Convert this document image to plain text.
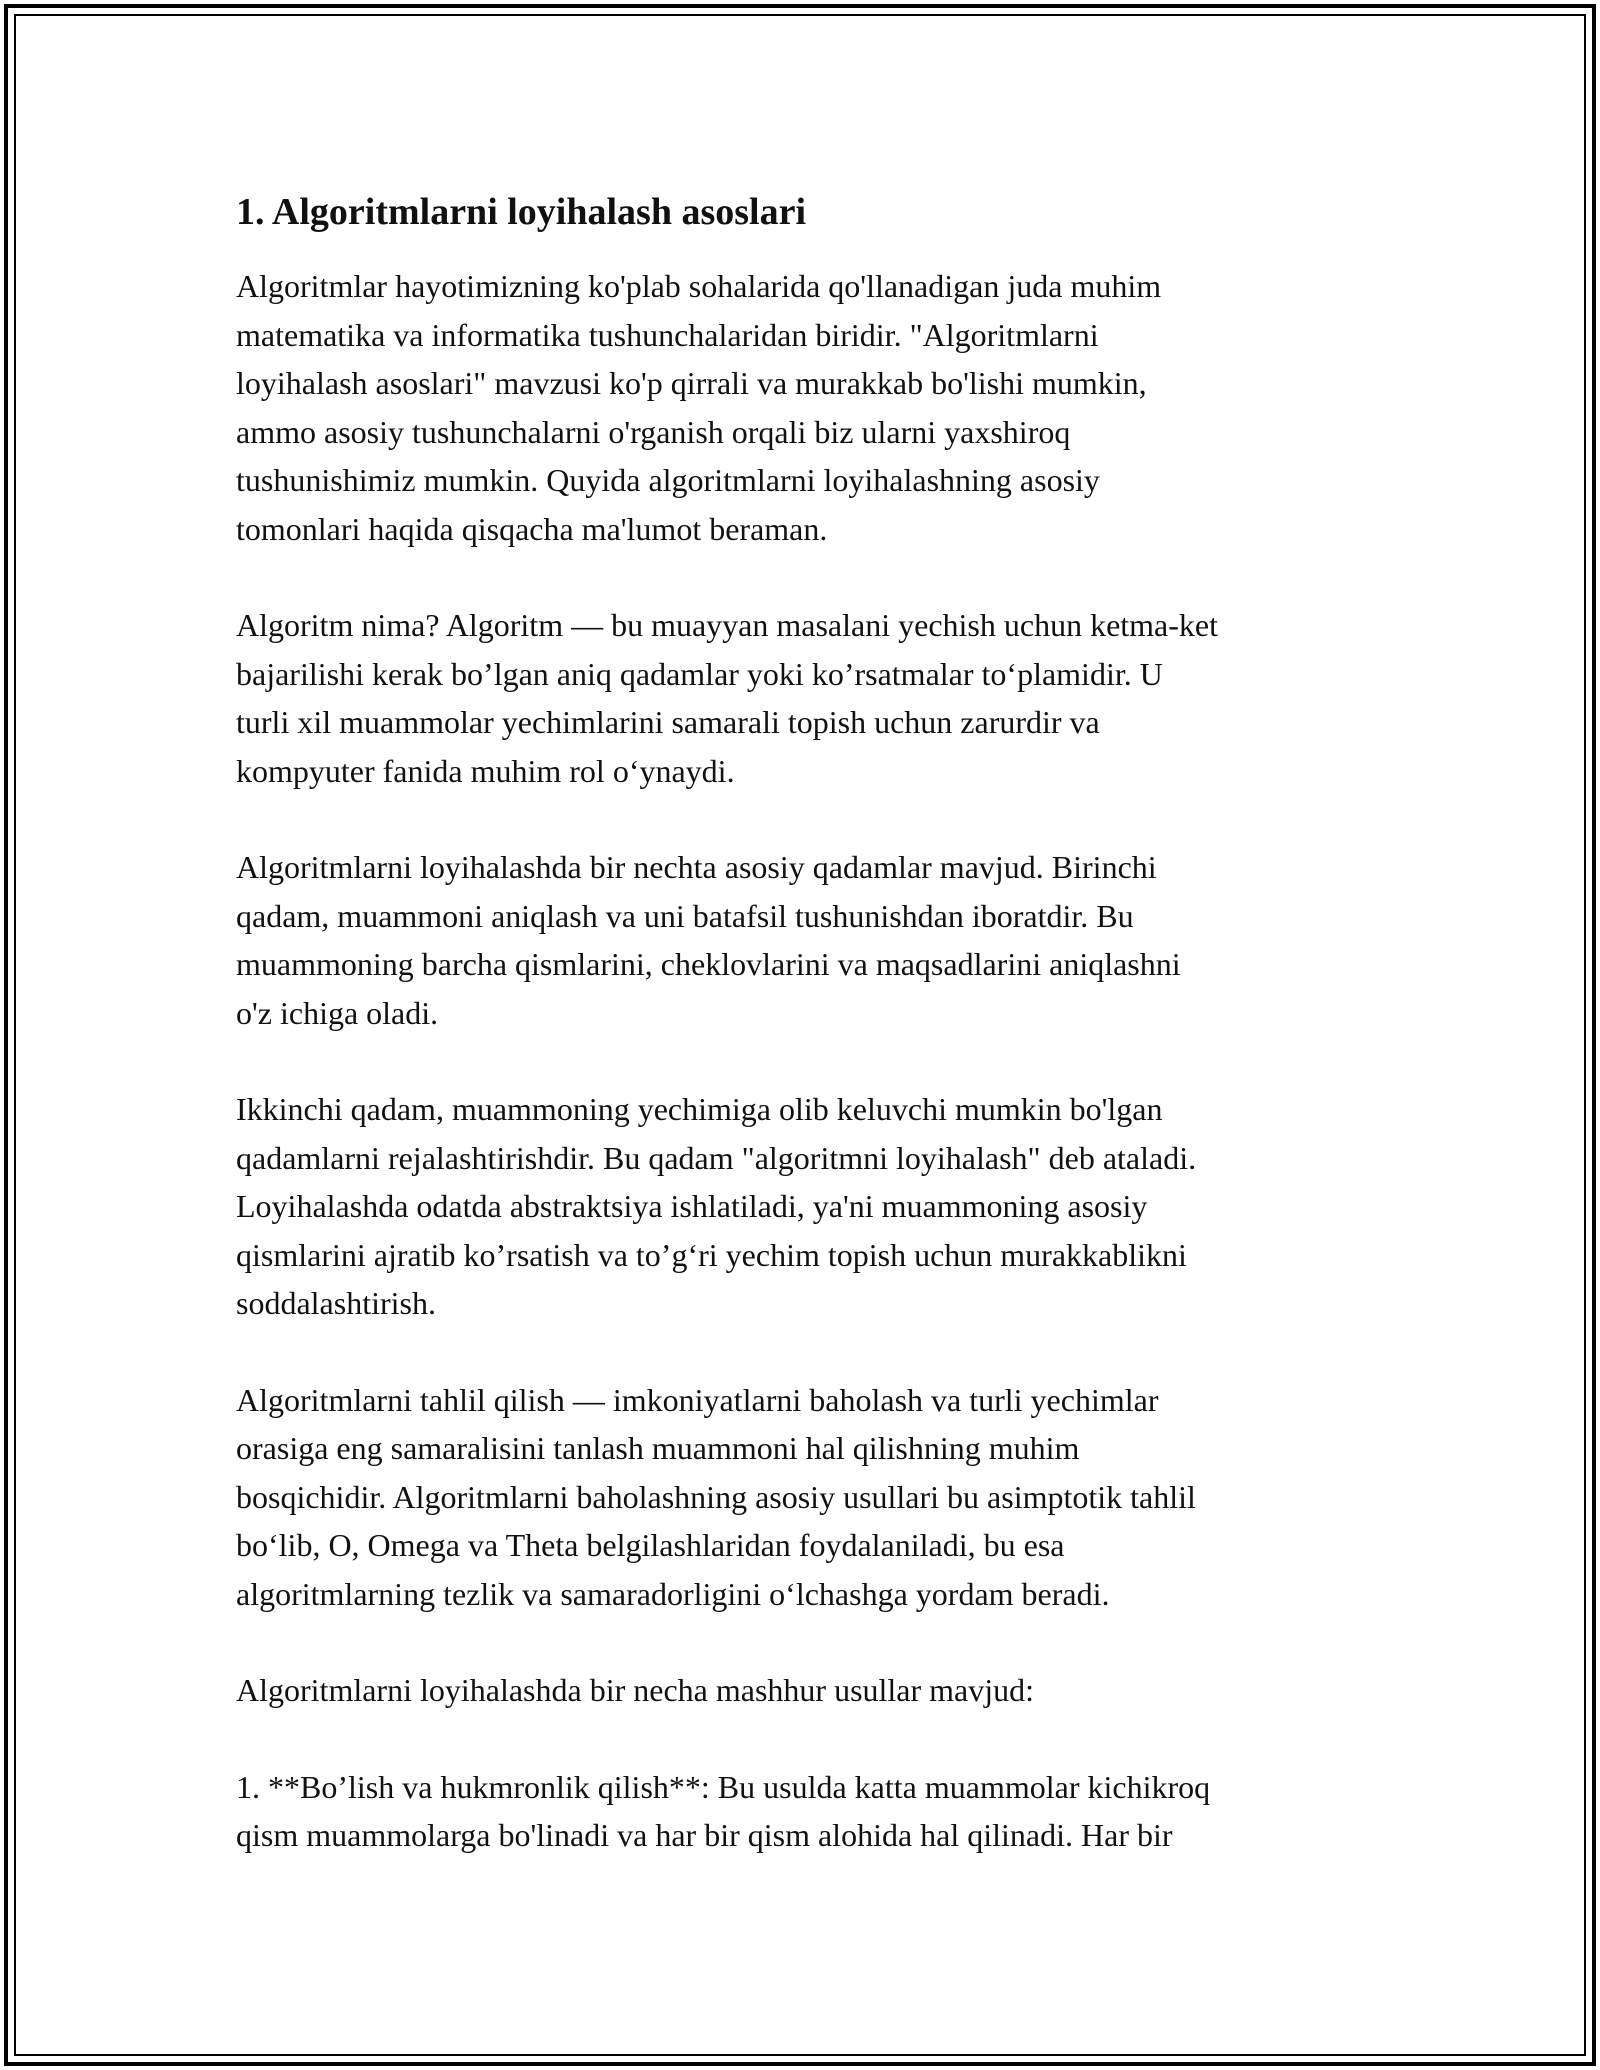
1. Algoritmlarni loyihalash asoslari

Algoritmlar hayotimizning ko'plab sohalarida qo'llanadigan juda muhim
matematika va informatika tushunchalaridan biridir. "Algoritmlarni
loyihalash asoslari" mavzusi ko'p qirrali va murakkab bo'lishi mumkin,
ammo asosiy tushunchalarni o'rganish orqali biz ularni yaxshiroq
tushunishimiz mumkin. Quyida algoritmlarni loyihalashning asosiy
tomonlari haqida qisqacha ma'lumot beraman.

Algoritm nima? Algoritm — bu muayyan masalani yechish uchun ketma-ket
bajarilishi kerak bo’lgan aniq qadamlar yoki ko’rsatmalar to‘plamidir. U
turli xil muammolar yechimlarini samarali topish uchun zarurdir va
kompyuter fanida muhim rol o‘ynaydi.

Algoritmlarni loyihalashda bir nechta asosiy qadamlar mavjud. Birinchi
qadam, muammoni aniqlash va uni batafsil tushunishdan iboratdir. Bu
muammoning barcha qismlarini, cheklovlarini va maqsadlarini aniqlashni
o'z ichiga oladi.

Ikkinchi qadam, muammoning yechimiga olib keluvchi mumkin bo'lgan
qadamlarni rejalashtirishdir. Bu qadam "algoritmni loyihalash" deb ataladi.
Loyihalashda odatda abstraktsiya ishlatiladi, ya'ni muammoning asosiy
qismlarini ajratib ko’rsatish va to’g‘ri yechim topish uchun murakkablikni
soddalashtirish.

Algoritmlarni tahlil qilish — imkoniyatlarni baholash va turli yechimlar
orasiga eng samaralisini tanlash muammoni hal qilishning muhim
bosqichidir. Algoritmlarni baholashning asosiy usullari bu asimptotik tahlil
bo‘lib, O, Omega va Theta belgilashlaridan foydalaniladi, bu esa
algoritmlarning tezlik va samaradorligini o‘lchashga yordam beradi.

Algoritmlarni loyihalashda bir necha mashhur usullar mavjud:

1. **Bo’lish va hukmronlik qilish**: Bu usulda katta muammolar kichikroq
qism muammolarga bo'linadi va har bir qism alohida hal qilinadi. Har bir
